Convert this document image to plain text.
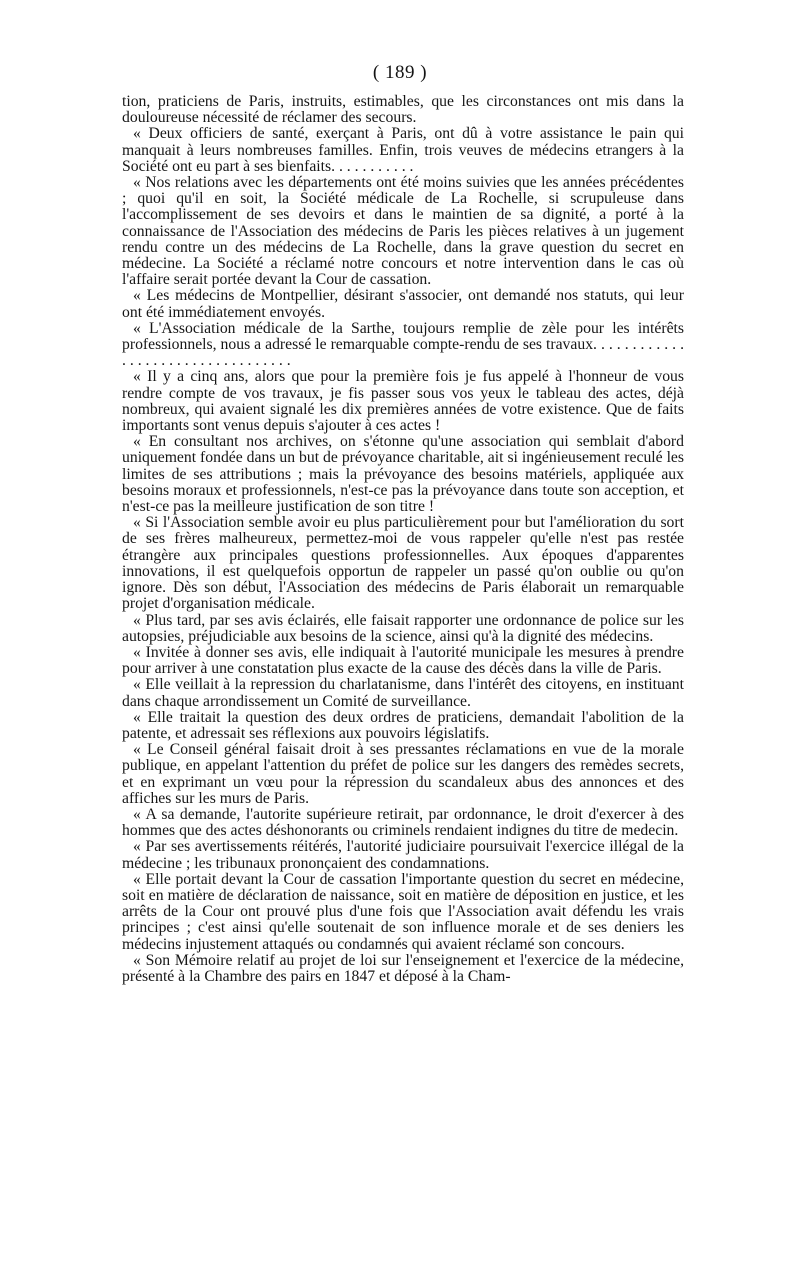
( 189 )

tion, praticiens de Paris, instruits, estimables, que les circonstances ont mis dans la douloureuse nécessité de réclamer des secours.

« Deux officiers de santé, exerçant à Paris, ont dû à votre assistance le pain qui manquait à leurs nombreuses familles. Enfin, trois veuves de médecins etrangers à la Société ont eu part à ses bienfaits. . . . . . . . . . .

« Nos relations avec les départements ont été moins suivies que les années précédentes ; quoi qu'il en soit, la Société médicale de La Rochelle, si scrupuleuse dans l'accomplissement de ses devoirs et dans le maintien de sa dignité, a porté à la connaissance de l'Association des médecins de Paris les pièces relatives à un jugement rendu contre un des médecins de La Rochelle, dans la grave question du secret en médecine. La Société a réclamé notre concours et notre intervention dans le cas où l'affaire serait portée devant la Cour de cassation.

« Les médecins de Montpellier, désirant s'associer, ont demandé nos statuts, qui leur ont été immédiatement envoyés.

« L'Association médicale de la Sarthe, toujours remplie de zèle pour les intérêts professionnels, nous a adressé le remarquable compte-rendu de ses travaux. . . . . . . . . . . . . . . . . . . . . . . . . . . . . . . . . .

« Il y a cinq ans, alors que pour la première fois je fus appelé à l'honneur de vous rendre compte de vos travaux, je fis passer sous vos yeux le tableau des actes, déjà nombreux, qui avaient signalé les dix premières années de votre existence. Que de faits importants sont venus depuis s'ajouter à ces actes !

« En consultant nos archives, on s'étonne qu'une association qui semblait d'abord uniquement fondée dans un but de prévoyance charitable, ait si ingénieusement reculé les limites de ses attributions ; mais la prévoyance des besoins matériels, appliquée aux besoins moraux et professionnels, n'est-ce pas la prévoyance dans toute son acception, et n'est-ce pas la meilleure justification de son titre !

« Si l'Association semble avoir eu plus particulièrement pour but l'amélioration du sort de ses frères malheureux, permettez-moi de vous rappeler qu'elle n'est pas restée étrangère aux principales questions professionnelles. Aux époques d'apparentes innovations, il est quelquefois opportun de rappeler un passé qu'on oublie ou qu'on ignore. Dès son début, l'Association des médecins de Paris élaborait un remarquable projet d'organisation médicale.

« Plus tard, par ses avis éclairés, elle faisait rapporter une ordonnance de police sur les autopsies, préjudiciable aux besoins de la science, ainsi qu'à la dignité des médecins.

« Invitée à donner ses avis, elle indiquait à l'autorité municipale les mesures à prendre pour arriver à une constatation plus exacte de la cause des décès dans la ville de Paris.

« Elle veillait à la repression du charlatanisme, dans l'intérêt des citoyens, en instituant dans chaque arrondissement un Comité de surveillance.

« Elle traitait la question des deux ordres de praticiens, demandait l'abolition de la patente, et adressait ses réflexions aux pouvoirs législatifs.

« Le Conseil général faisait droit à ses pressantes réclamations en vue de la morale publique, en appelant l'attention du préfet de police sur les dangers des remèdes secrets, et en exprimant un vœu pour la répression du scandaleux abus des annonces et des affiches sur les murs de Paris.

« A sa demande, l'autorite supérieure retirait, par ordonnance, le droit d'exercer à des hommes que des actes déshonorants ou criminels rendaient indignes du titre de medecin.

« Par ses avertissements réitérés, l'autorité judiciaire poursuivait l'exercice illégal de la médecine ; les tribunaux prononçaient des condamnations.

« Elle portait devant la Cour de cassation l'importante question du secret en médecine, soit en matière de déclaration de naissance, soit en matière de déposition en justice, et les arrêts de la Cour ont prouvé plus d'une fois que l'Association avait défendu les vrais principes ; c'est ainsi qu'elle soutenait de son influence morale et de ses deniers les médecins injustement attaqués ou condamnés qui avaient réclamé son concours.

« Son Mémoire relatif au projet de loi sur l'enseignement et l'exercice de la médecine, présenté à la Chambre des pairs en 1847 et déposé à la Cham-
